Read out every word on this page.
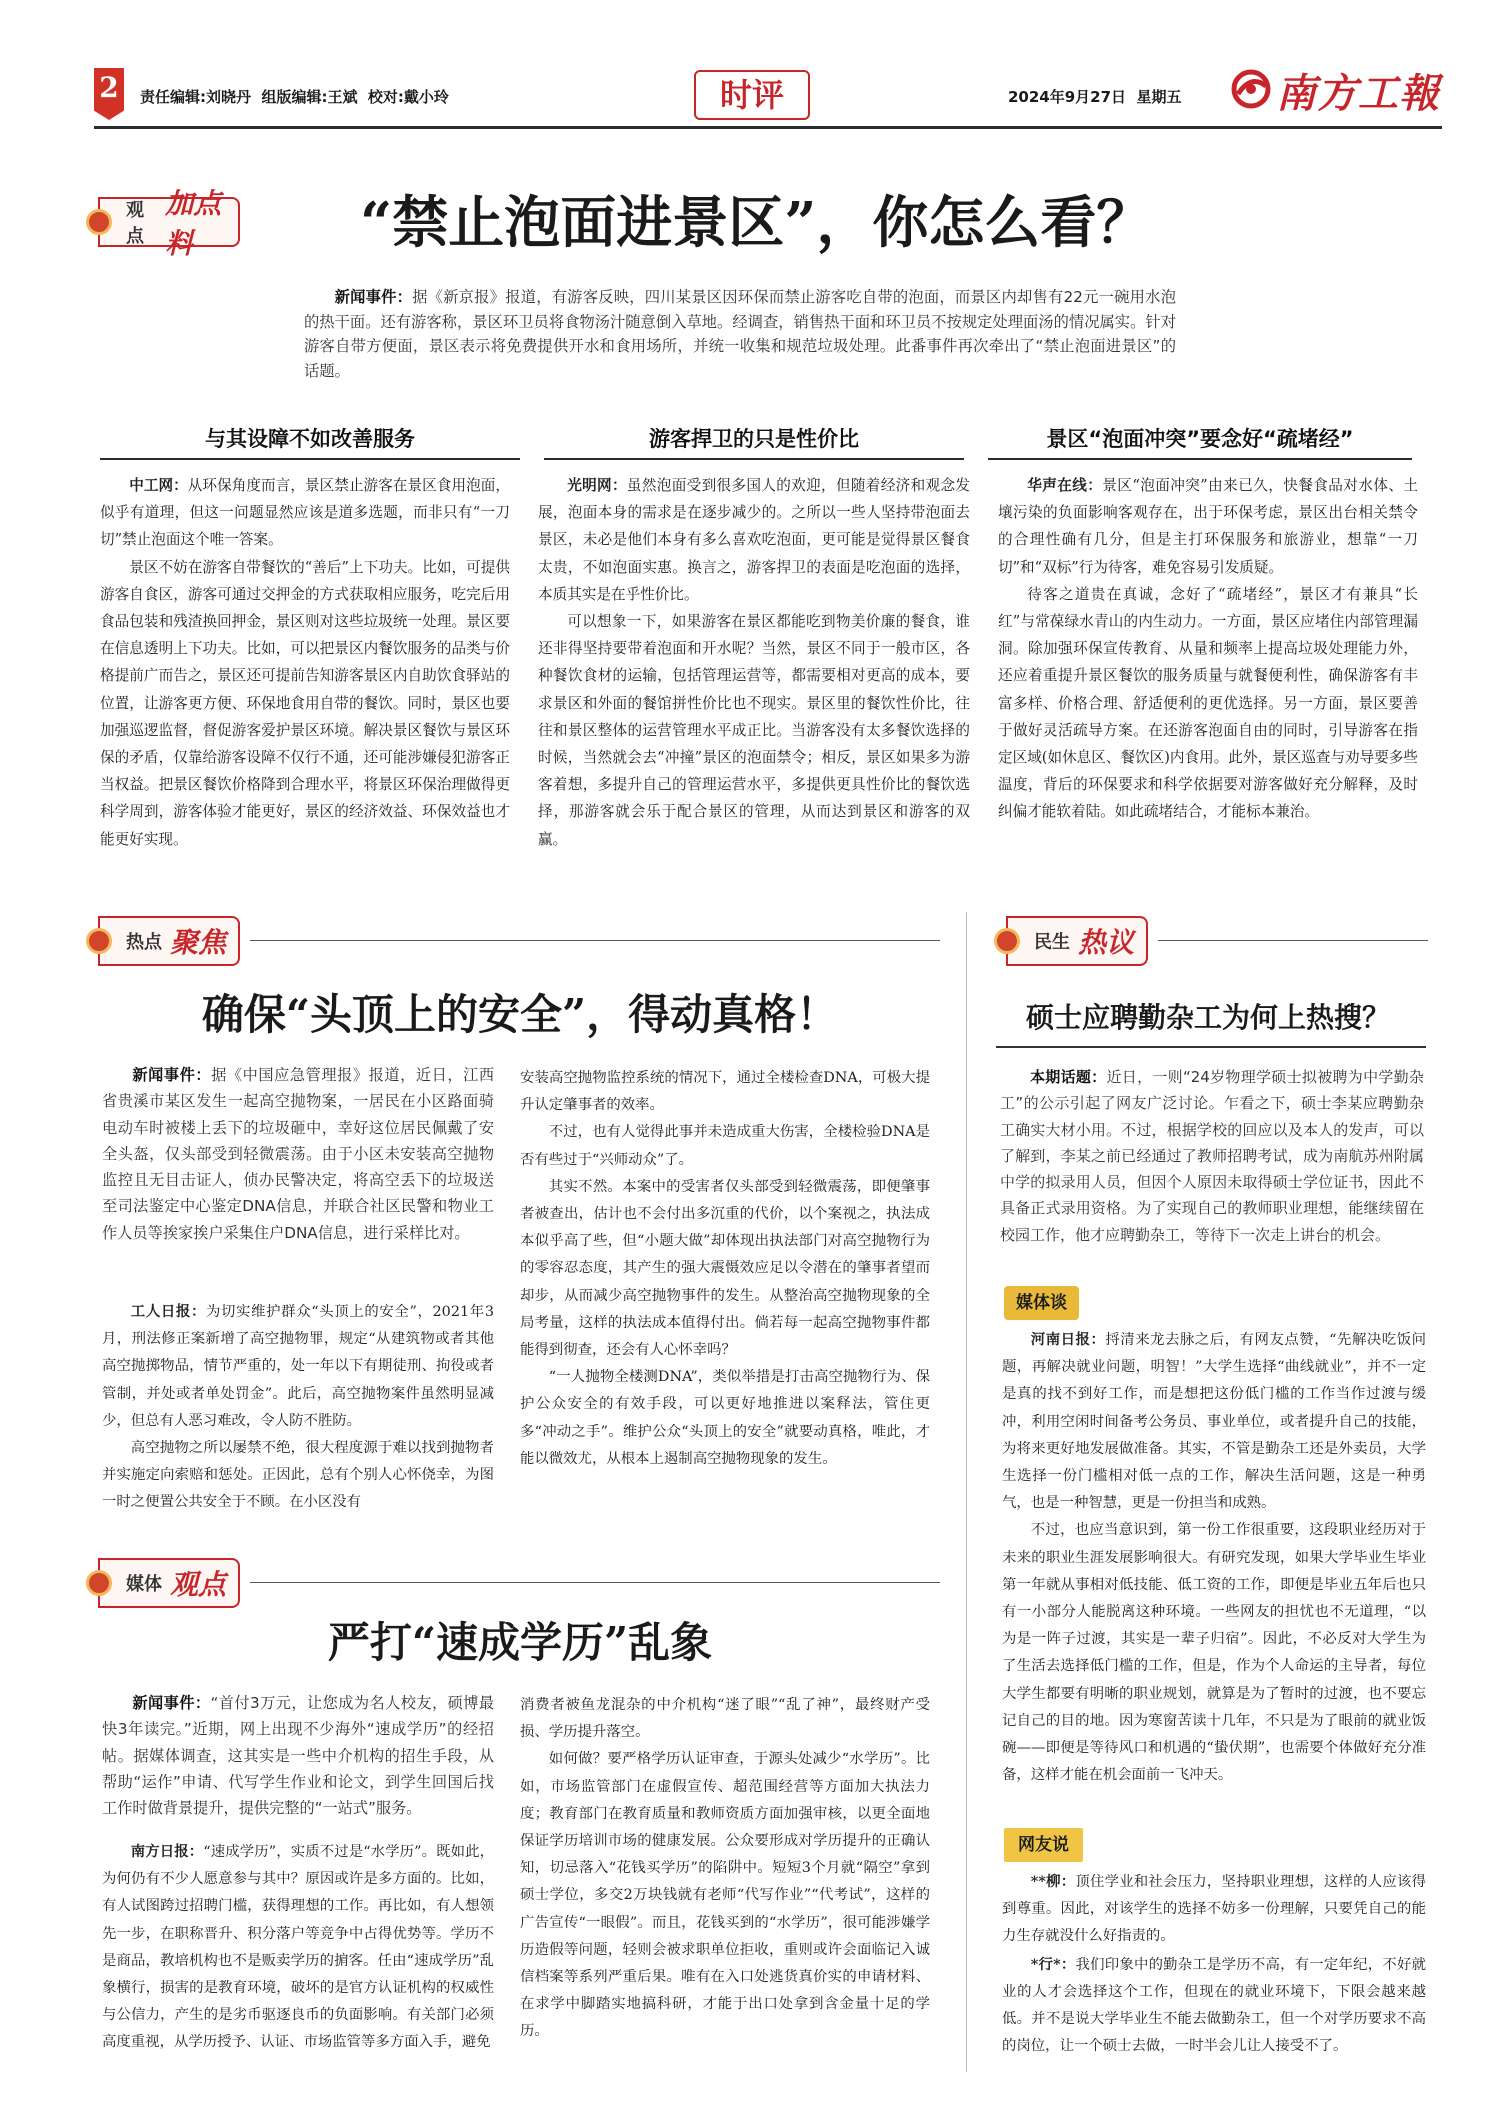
2	责任编辑:刘晓丹  组版编辑:王斌  校对:戴小玲	时评	2024年9月27日  星期五 南方工報
观点
加点料	“禁止泡面进景区”，你怎么看？
新闻事件：据《新京报》报道，有游客反映，四川某景区因环保而禁止游客吃自带的泡面，而景区内却售有22元一碗用水泡的热干面。还有游客称，景区环卫员将食物汤汁随意倒入草地。经调查，销售热干面和环卫员不按规定处理面汤的情况属实。针对游客自带方便面，景区表示将免费提供开水和食用场所，并统一收集和规范垃圾处理。此番事件再次牵出了“禁止泡面进景区”的话题。
与其设障不如改善服务	游客捍卫的只是性价比	景区“泡面冲突”要念好“疏堵经”

中工网：从环保角度而言，景区禁止游客在景区食用泡面，似乎有道理，但这一问题显然应该是道多选题，而非只有“一刀切”禁止泡面这个唯一答案。

景区不妨在游客自带餐饮的“善后”上下功夫。比如，可提供游客自食区，游客可通过交押金的方式获取相应服务，吃完后用食品包装和残渣换回押金，景区则对这些垃圾统一处理。景区要在信息透明上下功夫。比如，可以把景区内餐饮服务的品类与价格提前广而告之，景区还可提前告知游客景区内自助饮食驿站的位置，让游客更方便、环保地食用自带的餐饮。同时，景区也要加强巡逻监督，督促游客爱护景区环境。解决景区餐饮与景区环保的矛盾，仅靠给游客设障不仅行不通，还可能涉嫌侵犯游客正当权益。把景区餐饮价格降到合理水平，将景区环保治理做得更科学周到，游客体验才能更好，景区的经济效益、环保效益也才能更好实现。

光明网：虽然泡面受到很多国人的欢迎，但随着经济和观念发展，泡面本身的需求是在逐步减少的。之所以一些人坚持带泡面去景区，未必是他们本身有多么喜欢吃泡面，更可能是觉得景区餐食太贵，不如泡面实惠。换言之，游客捍卫的表面是吃泡面的选择，本质其实是在乎性价比。

可以想象一下，如果游客在景区都能吃到物美价廉的餐食，谁还非得坚持要带着泡面和开水呢？当然，景区不同于一般市区，各种餐饮食材的运输，包括管理运营等，都需要相对更高的成本，要求景区和外面的餐馆拼性价比也不现实。景区里的餐饮性价比，往往和景区整体的运营管理水平成正比。当游客没有太多餐饮选择的时候，当然就会去“冲撞”景区的泡面禁令；相反，景区如果多为游客着想，多提升自己的管理运营水平，多提供更具性价比的餐饮选择，那游客就会乐于配合景区的管理，从而达到景区和游客的双赢。

华声在线：景区“泡面冲突”由来已久，快餐食品对水体、土壤污染的负面影响客观存在，出于环保考虑，景区出台相关禁令的合理性确有几分，但是主打环保服务和旅游业，想靠“一刀切”和“双标”行为待客，难免容易引发质疑。

待客之道贵在真诚，念好了“疏堵经”，景区才有兼具“长红”与常葆绿水青山的内生动力。一方面，景区应堵住内部管理漏洞。除加强环保宣传教育、从量和频率上提高垃圾处理能力外，还应着重提升景区餐饮的服务质量与就餐便利性，确保游客有丰富多样、价格合理、舒适便利的更优选择。另一方面，景区要善于做好灵活疏导方案。在还游客泡面自由的同时，引导游客在指定区域(如休息区、餐饮区)内食用。此外，景区巡查与劝导要多些温度，背后的环保要求和科学依据要对游客做好充分解释，及时纠偏才能软着陆。如此疏堵结合，才能标本兼治。

热点 聚焦
确保“头顶上的安全”，得动真格！
新闻事件：据《中国应急管理报》报道，近日，江西省贵溪市某区发生一起高空抛物案，一居民在小区路面骑电动车时被楼上丢下的垃圾砸中，幸好这位居民佩戴了安全头盔，仅头部受到轻微震荡。由于小区未安装高空抛物监控且无目击证人，侦办民警决定，将高空丢下的垃圾送至司法鉴定中心鉴定DNA信息，并联合社区民警和物业工作人员等挨家挨户采集住户DNA信息，进行采样比对。

工人日报：为切实维护群众“头顶上的安全”，2021年3月，刑法修正案新增了高空抛物罪，规定“从建筑物或者其他高空抛掷物品，情节严重的，处一年以下有期徒刑、拘役或者管制，并处或者单处罚金”。此后，高空抛物案件虽然明显减少，但总有人恶习难改，令人防不胜防。

高空抛物之所以屡禁不绝，很大程度源于难以找到抛物者并实施定向索赔和惩处。正因此，总有个别人心怀侥幸，为图一时之便置公共安全于不顾。在小区没有

安装高空抛物监控系统的情况下，通过全楼检查DNA，可极大提升认定肇事者的效率。

不过，也有人觉得此事并未造成重大伤害，全楼检验DNA是否有些过于“兴师动众”了。

其实不然。本案中的受害者仅头部受到轻微震荡，即便肇事者被查出，估计也不会付出多沉重的代价，以个案视之，执法成本似乎高了些，但“小题大做”却体现出执法部门对高空抛物行为的零容忍态度，其产生的强大震慑效应足以令潜在的肇事者望而却步，从而减少高空抛物事件的发生。从整治高空抛物现象的全局考量，这样的执法成本值得付出。倘若每一起高空抛物事件都能得到彻查，还会有人心怀幸吗？

“一人抛物全楼测DNA”，类似举措是打击高空抛物行为、保护公众安全的有效手段，可以更好地推进以案释法，管住更多“冲动之手”。维护公众“头顶上的安全”就要动真格，唯此，才能以微效尤，从根本上遏制高空抛物现象的发生。

媒体 观点
严打“速成学历”乱象
新闻事件：“首付3万元，让您成为名人校友，硕博最快3年读完。”近期，网上出现不少海外“速成学历”的经招帖。据媒体调查，这其实是一些中介机构的招生手段，从帮助“运作”申请、代写学生作业和论文，到学生回国后找工作时做背景提升，提供完整的“一站式”服务。

南方日报：“速成学历”，实质不过是“水学历”。既如此，为何仍有不少人愿意参与其中？原因或许是多方面的。比如，有人试图跨过招聘门槛，获得理想的工作。再比如，有人想领先一步，在职称晋升、积分落户等竞争中占得优势等。学历不是商品，教培机构也不是贩卖学历的掮客。任由“速成学历”乱象横行，损害的是教育环境，破坏的是官方认证机构的权威性与公信力，产生的是劣币驱逐良币的负面影响。有关部门必须高度重视，从学历授予、认证、市场监管等多方面入手，避免

消费者被鱼龙混杂的中介机构“迷了眼”“乱了神”，最终财产受损、学历提升落空。

如何做？要严格学历认证审查，于源头处减少“水学历”。比如，市场监管部门在虚假宣传、超范围经营等方面加大执法力度；教育部门在教育质量和教师资质方面加强审核，以更全面地保证学历培训市场的健康发展。公众要形成对学历提升的正确认知，切忌落入“花钱买学历”的陷阱中。短短3个月就“隔空”拿到硕士学位，多交2万块钱就有老师“代写作业”“代考试”，这样的广告宣传“一眼假”。而且，花钱买到的“水学历”，很可能涉嫌学历造假等问题，轻则会被求职单位拒收，重则或许会面临记入诚信档案等系列严重后果。唯有在入口处逃货真价实的申请材料、在求学中脚踏实地搞科研，才能于出口处拿到含金量十足的学历。

民生 热议
硕士应聘勤杂工为何上热搜？
本期话题：近日，一则“24岁物理学硕士拟被聘为中学勤杂工”的公示引起了网友广泛讨论。乍看之下，硕士李某应聘勤杂工确实大材小用。不过，根据学校的回应以及本人的发声，可以了解到，李某之前已经通过了教师招聘考试，成为南航苏州附属中学的拟录用人员，但因个人原因未取得硕士学位证书，因此不具备正式录用资格。为了实现自己的教师职业理想，能继续留在校园工作，他才应聘勤杂工，等待下一次走上讲台的机会。
媒体谈

河南日报：捋清来龙去脉之后，有网友点赞，“先解决吃饭问题，再解决就业问题，明智！”大学生选择“曲线就业”，并不一定是真的找不到好工作，而是想把这份低门槛的工作当作过渡与缓冲，利用空闲时间备考公务员、事业单位，或者提升自己的技能，为将来更好地发展做准备。其实，不管是勤杂工还是外卖员，大学生选择一份门槛相对低一点的工作，解决生活问题，这是一种勇气，也是一种智慧，更是一份担当和成熟。

不过，也应当意识到，第一份工作很重要，这段职业经历对于未来的职业生涯发展影响很大。有研究发现，如果大学毕业生毕业第一年就从事相对低技能、低工资的工作，即便是毕业五年后也只有一小部分人能脱离这种环境。一些网友的担忧也不无道理，“以为是一阵子过渡，其实是一辈子归宿”。因此，不必反对大学生为了生活去选择低门槛的工作，但是，作为个人命运的主导者，每位大学生都要有明晰的职业规划，就算是为了暂时的过渡，也不要忘记自己的目的地。因为寒窗苦读十几年，不只是为了眼前的就业饭碗——即便是等待风口和机遇的“蛰伏期”，也需要个体做好充分准备，这样才能在机会面前一飞冲天。

网友说

**柳：顶住学业和社会压力，坚持职业理想，这样的人应该得到尊重。因此，对该学生的选择不妨多一份理解，只要凭自己的能力生存就没什么好指责的。

*行*：我们印象中的勤杂工是学历不高，有一定年纪，不好就业的人才会选择这个工作，但现在的就业环境下，下限会越来越低。并不是说大学毕业生不能去做勤杂工，但一个对学历要求不高的岗位，让一个硕士去做，一时半会儿让人接受不了。
